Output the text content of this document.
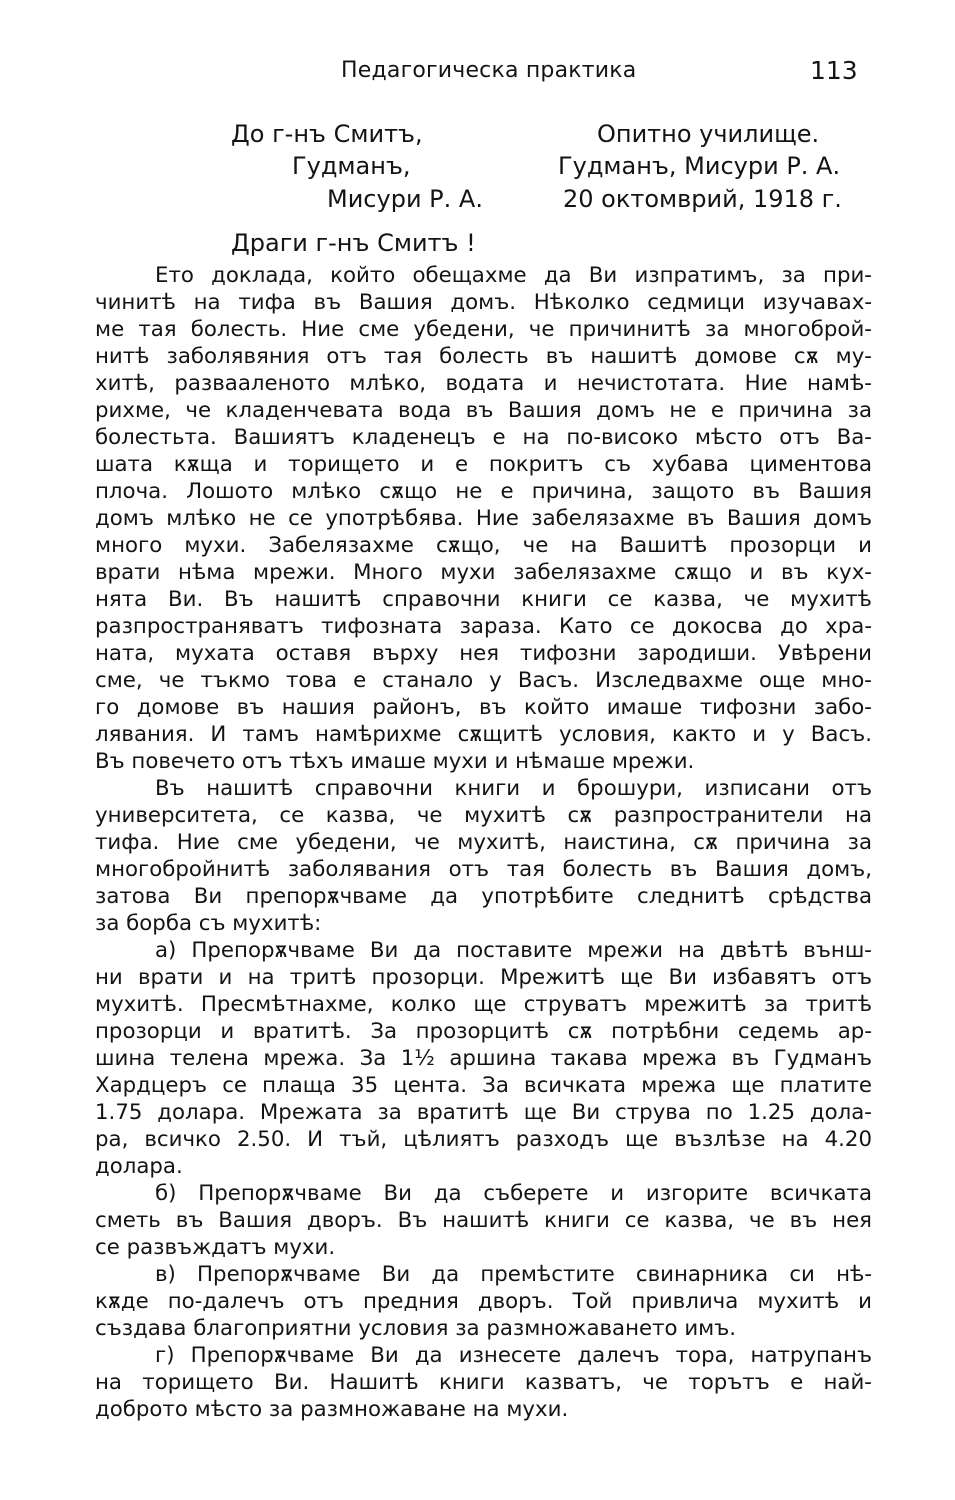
Педагогическа практика	113
До г-нъ Смитъ,
Гудманъ,
Мисури Р. А.
Опитно училище.
Гудманъ, Мисури Р. А.
20 октомврий, 1918 г.
Драги г-нъ Смитъ !
Ето доклада, който обещахме да Ви изпратимъ, за при-
чинитѣ на тифа въ Вашия домъ. Нѣколко седмици изучавах-
ме тая болесть. Ние сме убедени, че причинитѣ за многоброй-
нитѣ заболявяния отъ тая болесть въ нашитѣ домове сѫ му-
хитѣ, развааленото млѣко, водата и нечистотата. Ние намѣ-
рихме, че кладенчевата вода въ Вашия домъ не е причина за
болестьта. Вашиятъ кладенецъ е на по-високо мѣсто отъ Ва-
шата кѫща и торището и е покритъ съ хубава циментова
плоча. Лошото млѣко сѫщо не е причина, защото въ Вашия
домъ млѣко не се употрѣбява. Ние забелязахме въ Вашия домъ
много мухи. Забелязахме сѫщо, че на Вашитѣ прозорци и
врати нѣма мрежи. Много мухи забелязахме сѫщо и въ кух-
нята Ви. Въ нашитѣ справочни книги се казва, че мухитѣ
разпространяватъ тифозната зараза. Като се докосва до хра-
ната, мухата оставя върху нея тифозни зародиши. Увѣрени
сме, че тъкмо това е станало у Васъ. Изследвахме още мно-
го домове въ нашия районъ, въ който имаше тифозни забо-
лявания. И тамъ намѣрихме сѫщитѣ условия, както и у Васъ.
Въ повечето отъ тѣхъ имаше мухи и нѣмаше мрежи.
Въ нашитѣ справочни книги и брошури, изписани отъ
университета, се казва, че мухитѣ сѫ разпространители на
тифа. Ние сме убедени, че мухитѣ, наистина, сѫ причина за
многобройнитѣ заболявания отъ тая болесть въ Вашия домъ,
затова Ви препорѫчваме да употрѣбите следнитѣ срѣдства
за борба съ мухитѣ:
а) Препорѫчваме Ви да поставите мрежи на двѣтѣ външ-
ни врати и на тритѣ прозорци. Мрежитѣ ще Ви избавятъ отъ
мухитѣ. Пресмѣтнахме, колко ще струватъ мрежитѣ за тритѣ
прозорци и вратитѣ. За прозорцитѣ сѫ потрѣбни седемь ар-
шина телена мрежа. За 1½ аршина такава мрежа въ Гудманъ
Хардцеръ се плаща 35 цента. За всичката мрежа ще платите
1.75 долара. Мрежата за вратитѣ ще Ви струва по 1.25 дола-
ра, всичко 2.50. И тъй, цѣлиятъ разходъ ще възлѣзе на 4.20
долара.
б) Препорѫчваме Ви да съберете и изгорите всичката
сметь въ Вашия дворъ. Въ нашитѣ книги се казва, че въ нея
се развъждатъ мухи.
в) Препорѫчваме Ви да премѣстите свинарника си нѣ-
кѫде по-далечъ отъ предния дворъ. Той привлича мухитѣ и
създава благоприятни условия за размножаването имъ.
г) Препорѫчваме Ви да изнесете далечъ тора, натрупанъ
на торището Ви. Нашитѣ книги казватъ, че торътъ е най-
доброто мѣсто за размножаване на мухи.
